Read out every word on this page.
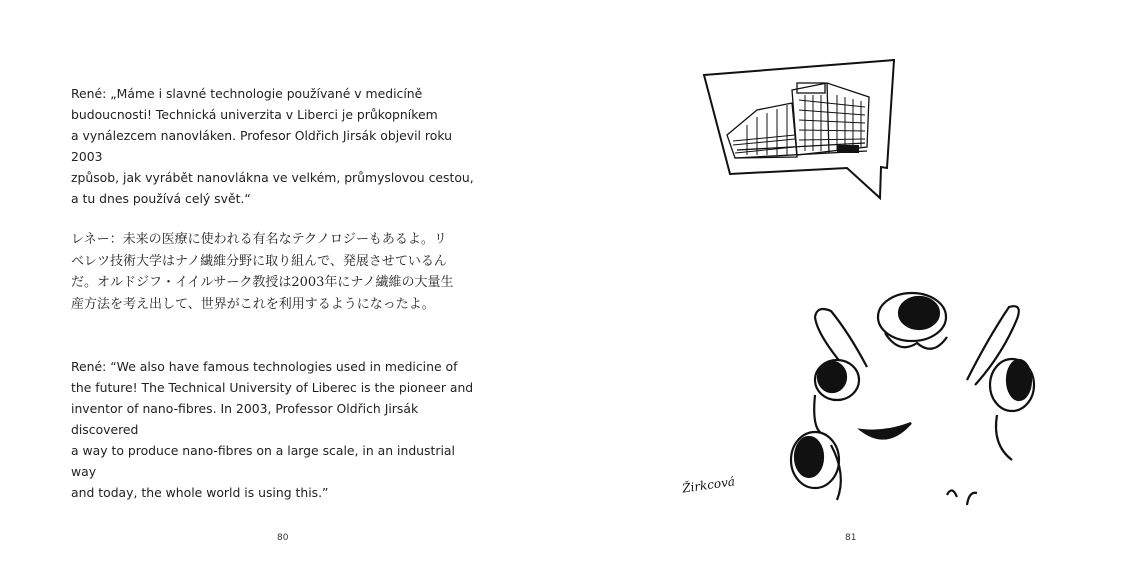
René: „Máme i slavné technologie používané v medicíně
budoucnosti! Technická univerzita v Liberci je průkopníkem
a vynálezcem nanovláken. Profesor Oldřich Jirsák objevil roku 2003
způsob, jak vyrábět nanovlákna ve velkém, průmyslovou cestou,
a tu dnes používá celý svět.“

レネー：未来の医療に使われる有名なテクノロジーもあるよ。リ
ベレツ技術大学はナノ繊維分野に取り組んで、発展させているん
だ。オルドジフ・イイルサーク教授は2003年にナノ繊維の大量生
産方法を考え出して、世界がこれを利用するようになったよ。

René: “We also have famous technologies used in medicine of
the future! The Technical University of Liberec is the pioneer and
inventor of nano-fibres. In 2003, Professor Oldřich Jirsák discovered
a way to produce nano-fibres on a large scale, in an industrial way
and today, the whole world is using this.”

80
Žirkcová
81
